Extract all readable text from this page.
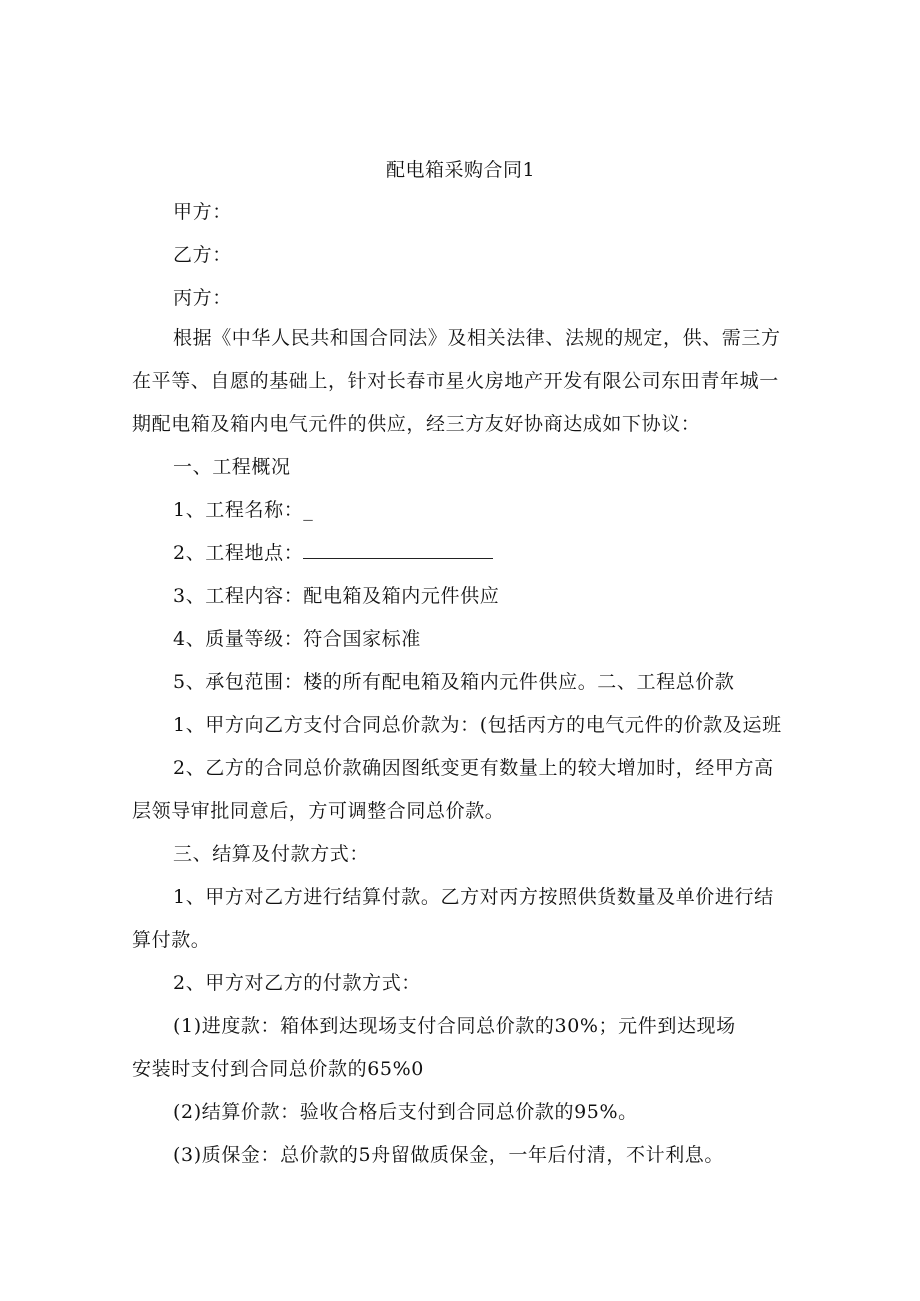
配电箱采购合同1
甲方：
乙方：
丙方：
根据《中华人民共和国合同法》及相关法律、法规的规定，供、需三方
在平等、自愿的基础上，针对长春市星火房地产开发有限公司东田青年城一
期配电箱及箱内电气元件的供应，经三方友好协商达成如下协议：
一、工程概况
1、工程名称：_
2、工程地点：
3、工程内容：配电箱及箱内元件供应
4、质量等级：符合国家标准
5、承包范围：楼的所有配电箱及箱内元件供应。二、工程总价款
1、甲方向乙方支付合同总价款为：(包括丙方的电气元件的价款及运班
2、乙方的合同总价款确因图纸变更有数量上的较大增加时，经甲方高
层领导审批同意后，方可调整合同总价款。
三、结算及付款方式：
1、甲方对乙方进行结算付款。乙方对丙方按照供货数量及单价进行结
算付款。
2、甲方对乙方的付款方式：
(1)进度款：箱体到达现场支付合同总价款的30%；元件到达现场
安装时支付到合同总价款的65%0
(2)结算价款：验收合格后支付到合同总价款的95%。
(3)质保金：总价款的5舟留做质保金，一年后付清，不计利息。
